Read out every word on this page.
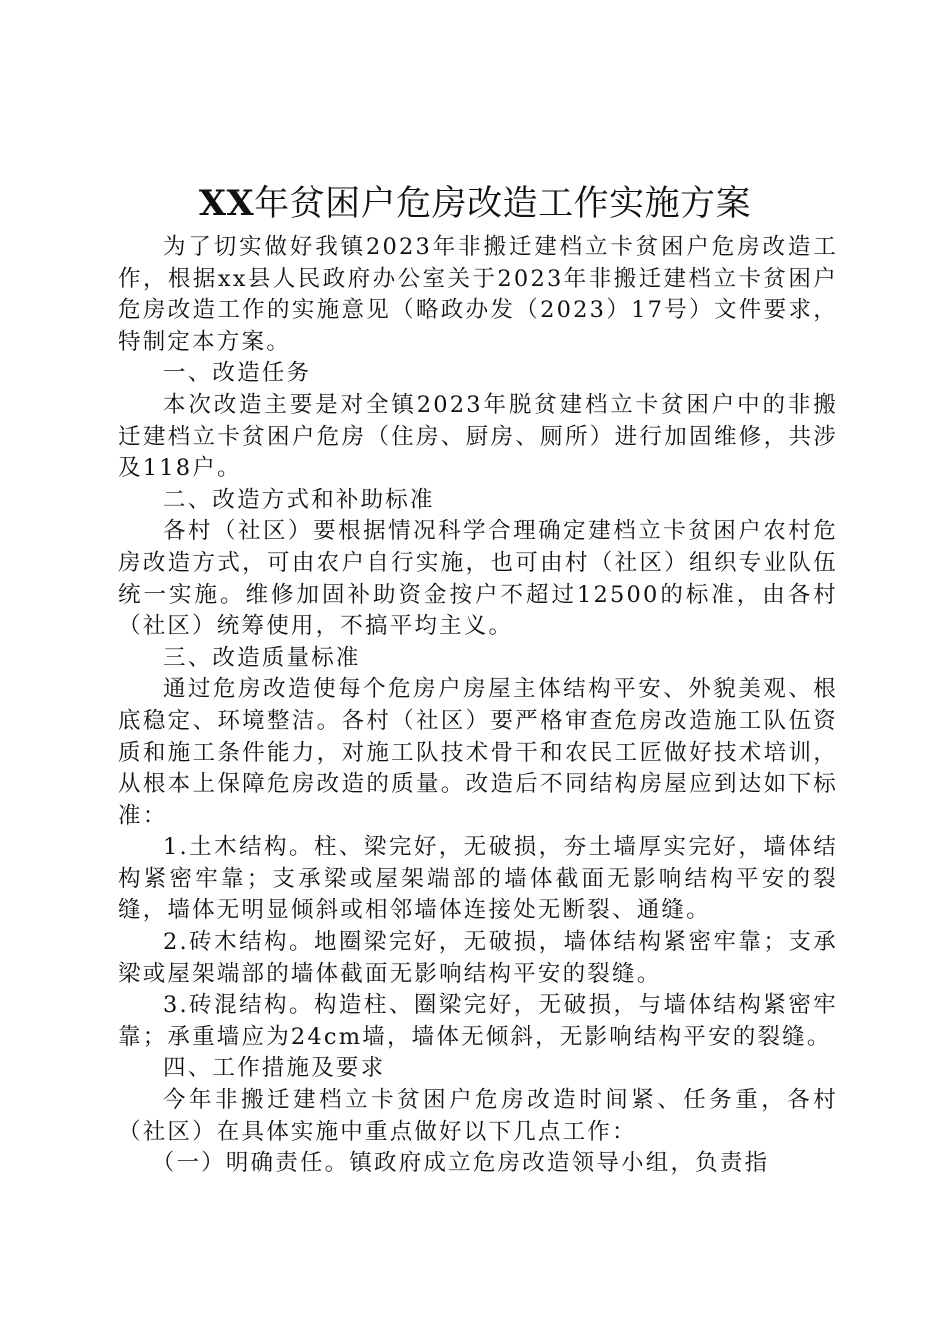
XX年贫困户危房改造工作实施方案

为了切实做好我镇2023年非搬迁建档立卡贫困户危房改造工作，根据xx县人民政府办公室关于2023年非搬迁建档立卡贫困户危房改造工作的实施意见（略政办发（2023）17号）文件要求，特制定本方案。

一、改造任务

本次改造主要是对全镇2023年脱贫建档立卡贫困户中的非搬迁建档立卡贫困户危房（住房、厨房、厕所）进行加固维修，共涉及118户。

二、改造方式和补助标准

各村（社区）要根据情况科学合理确定建档立卡贫困户农村危房改造方式，可由农户自行实施，也可由村（社区）组织专业队伍统一实施。维修加固补助资金按户不超过12500的标准，由各村（社区）统筹使用，不搞平均主义。

三、改造质量标准

通过危房改造使每个危房户房屋主体结构平安、外貌美观、根底稳定、环境整洁。各村（社区）要严格审查危房改造施工队伍资质和施工条件能力，对施工队技术骨干和农民工匠做好技术培训，从根本上保障危房改造的质量。改造后不同结构房屋应到达如下标准：

1.土木结构。柱、梁完好，无破损，夯土墙厚实完好，墙体结构紧密牢靠；支承梁或屋架端部的墙体截面无影响结构平安的裂缝，墙体无明显倾斜或相邻墙体连接处无断裂、通缝。

2.砖木结构。地圈梁完好，无破损，墙体结构紧密牢靠；支承梁或屋架端部的墙体截面无影响结构平安的裂缝。

3.砖混结构。构造柱、圈梁完好，无破损，与墙体结构紧密牢靠；承重墙应为24cm墙，墙体无倾斜，无影响结构平安的裂缝。

四、工作措施及要求

今年非搬迁建档立卡贫困户危房改造时间紧、任务重，各村（社区）在具体实施中重点做好以下几点工作：

（一）明确责任。镇政府成立危房改造领导小组，负责指
